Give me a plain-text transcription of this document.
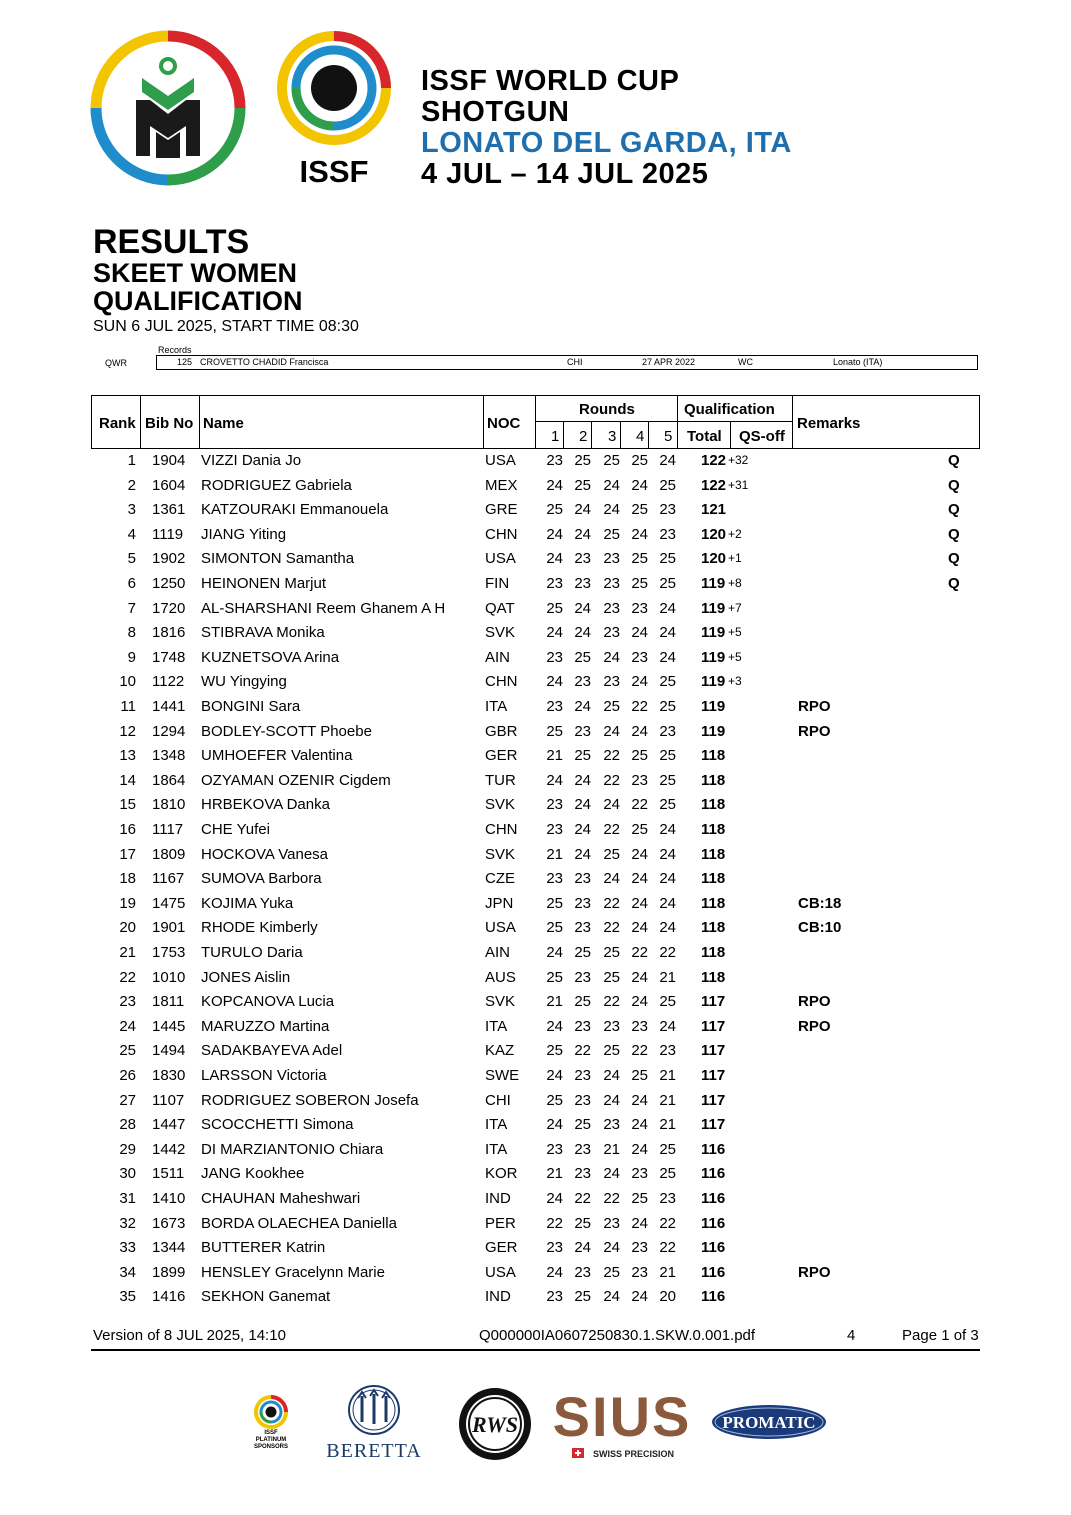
ISSF
ISSF WORLD CUP
SHOTGUN
LONATO DEL GARDA, ITA
4 JUL – 14 JUL 2025
RESULTS
SKEET WOMEN
QUALIFICATION
SUN 6 JUL 2025, START TIME 08:30
Records
QWR	125 CROVETTO CHADID Francisca	CHI	27 APR 2022	WC	Lonato (ITA)
Rank Bib No Name	NOC
Rounds
1 2 3 4 5
Qualification
Total QS-off
Remarks
1 1904 VIZZI Dania Jo	USA 23 25 25 25 24 122 +32	Q
2 1604 RODRIGUEZ Gabriela	MEX 24 25 24 24 25 122 +31	Q
3 1361 KATZOURAKI Emmanouela	GRE 25 24 24 25 23 121	Q
4 1119 JIANG Yiting	CHN 24 24 25 24 23 120 +2	Q
5 1902 SIMONTON Samantha	USA 24 23 23 25 25 120 +1	Q
6 1250 HEINONEN Marjut	FIN 23 23 23 25 25 119 +8	Q
7 1720 AL-SHARSHANI Reem Ghanem A H	QAT 25 24 23 23 24 119 +7
8 1816 STIBRAVA Monika	SVK 24 24 23 24 24 119 +5
9 1748 KUZNETSOVA Arina	AIN 23 25 24 23 24 119 +5
10 1122 WU Yingying	CHN 24 23 23 24 25 119 +3
11 1441 BONGINI Sara	ITA	23 24 25 22 25 119	RPO
12 1294 BODLEY-SCOTT Phoebe	GBR 25 23 24 24 23 119	RPO
13 1348 UMHOEFER Valentina	GER 21 25 22 25 25 118
14 1864 OZYAMAN OZENIR Cigdem	TUR 24 24 22 23 25 118
15 1810 HRBEKOVA Danka	SVK 23 24 24 22 25 118
16 1117 CHE Yufei	CHN 23 24 22 25 24 118
17 1809 HOCKOVA Vanesa	SVK 21 24 25 24 24 118
18 1167 SUMOVA Barbora	CZE 23 23 24 24 24 118
19 1475 KOJIMA Yuka	JPN 25 23 22 24 24 118	CB:18
20 1901 RHODE Kimberly	USA 25 23 22 24 24 118	CB:10
21 1753 TURULO Daria	AIN 24 25 25 22 22 118
22 1010 JONES Aislin	AUS 25 23 25 24 21 118
23 1811 KOPCANOVA Lucia	SVK 21 25 22 24 25 117	RPO
24 1445 MARUZZO Martina	ITA	24 23 23 23 24 117	RPO
25 1494 SADAKBAYEVA Adel	KAZ 25 22 25 22 23 117
26 1830 LARSSON Victoria	SWE 24 23 24 25 21 117
27 1107 RODRIGUEZ SOBERON Josefa	CHI 25 23 24 24 21 117
28 1447 SCOCCHETTI Simona	ITA	24 25 23 24 21 117
29 1442 DI MARZIANTONIO Chiara	ITA	23 23 21 24 25 116
30 1511 JANG Kookhee	KOR 21 23 24 23 25 116
31 1410 CHAUHAN Maheshwari	IND 24 22 22 25 23 116
32 1673 BORDA OLAECHEA Daniella	PER 22 25 23 24 22 116
33 1344 BUTTERER Katrin	GER 23 24 24 23 22 116
34 1899 HENSLEY Gracelynn Marie	USA 24 23 25 23 21 116	RPO
35 1416 SEKHON Ganemat	IND 23 25 24 24 20 116
Version of 8 JUL 2025, 14:10	Q000000IA0607250830.1.SKW.0.001.pdf	4	Page 1 of 3
ISSF
PLATINUM
SPONSORS BERETTA
RWS SIUS
SWISS PRECISION
PROMATIC
